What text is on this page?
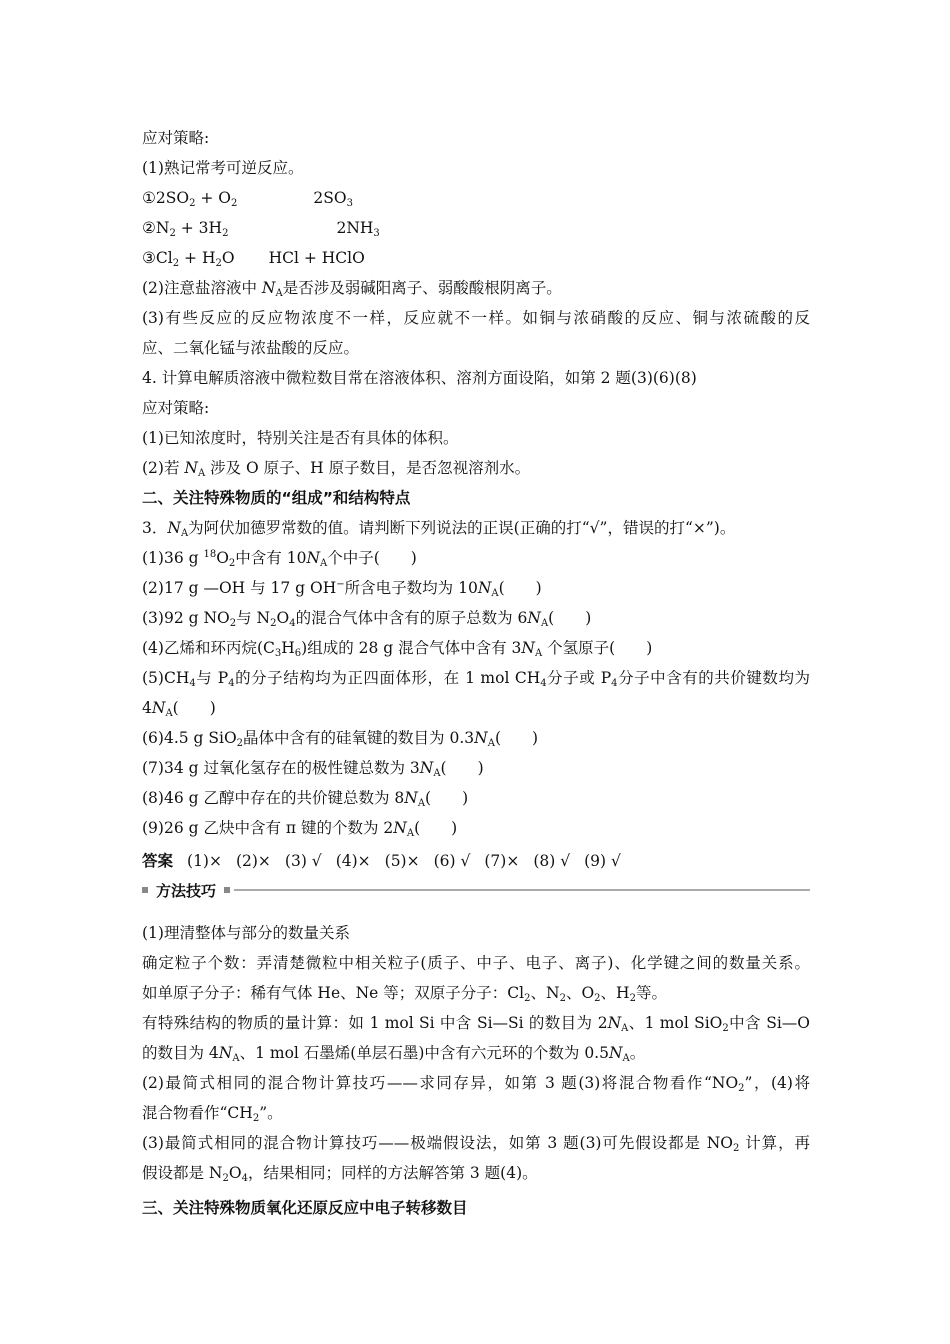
应对策略:
(1)熟记常考可逆反应。
$①2SO_2 + O_2$	$2SO_3$
$②N_2 + 3H_2$	$2NH_3$
$③Cl_2 + H_2O$ HCl + HClO
(2)注意盐溶液中 $N_A$是否涉及弱碱阳离子、弱酸酸根阴离子。
(3)有些反应的反应物浓度不一样，反应就不一样。如铜与浓硝酸的反应、铜与浓硫酸的反
应、二氧化锰与浓盐酸的反应。
4. 计算电解质溶液中微粒数目常在溶液体积、溶剂方面设陷，如第 2 题(3)(6)(8)
应对策略:
(1)已知浓度时，特别关注是否有具体的体积。
(2)若 $N_A$ 涉及 O 原子、H 原子数目，是否忽视溶剂水。
二、关注特殊物质的“组成”和结构特点
3．$N_A$为阿伏加德罗常数的值。请判断下列说法的正误(正确的打“√”，错误的打“×”)。
(1)36 g $^{18}O_2$中含有 $10N_A$个中子(　　)
(2)17 g —OH 与 17 g OH−所含电子数均为 $10N_A$(　　)
(3)92 g $NO_2$与 $N_2O_4$的混合气体中含有的原子总数为 $6N_A$(　　)
(4)乙烯和环丙烷$(C_3H_6)$组成的 28 g 混合气体中含有 $3N_A$ 个氢原子(　　)
$(5)CH_4$与 $P_4$的分子结构均为正四面体形，在 1 mol $CH_4$分子或 $P_4$分子中含有的共价键数均为
$4N_A$(　　)
(6)4.5 g SiO$_2$晶体中含有的硅氧键的数目为 $0.3N_A$(　　)
(7)34 g 过氧化氢存在的极性键总数为 $3N_A$(　　)
(8)46 g 乙醇中存在的共价键总数为 $8N_A$(　　)
(9)26 g 乙炔中含有 π 键的个数为 $2N_A$(　　)
答案 (1)× (2)× (3) √ (4)× (5)× (6) √ (7)× (8) √ (9) √
方法技巧
(1)理清整体与部分的数量关系
确定粒子个数：弄清楚微粒中相关粒子(质子、中子、电子、离子)、化学键之间的数量关系。
如单原子分子：稀有气体 He、Ne 等；双原子分子：$Cl_2$、$N_2$、$O_2$、$H_2$等。
有特殊结构的物质的量计算：如 1 mol Si 中含 Si—Si 的数目为 $2N_A$、1 mol SiO$_2$中含 Si—O
的数目为 $4N_A$、1 mol 石墨烯(单层石墨)中含有六元环的个数为 $0.5N_A$。
(2)最简式相同的混合物计算技巧——求同存异，如第 3 题(3)将混合物看作“$NO_2$”，(4)将
混合物看作“$CH_2$”。
(3)最简式相同的混合物计算技巧——极端假设法，如第 3 题(3)可先假设都是 $NO_2$ 计算，再
假设都是 $N_2O_4$，结果相同；同样的方法解答第 3 题(4)。
三、关注特殊物质氧化还原反应中电子转移数目
